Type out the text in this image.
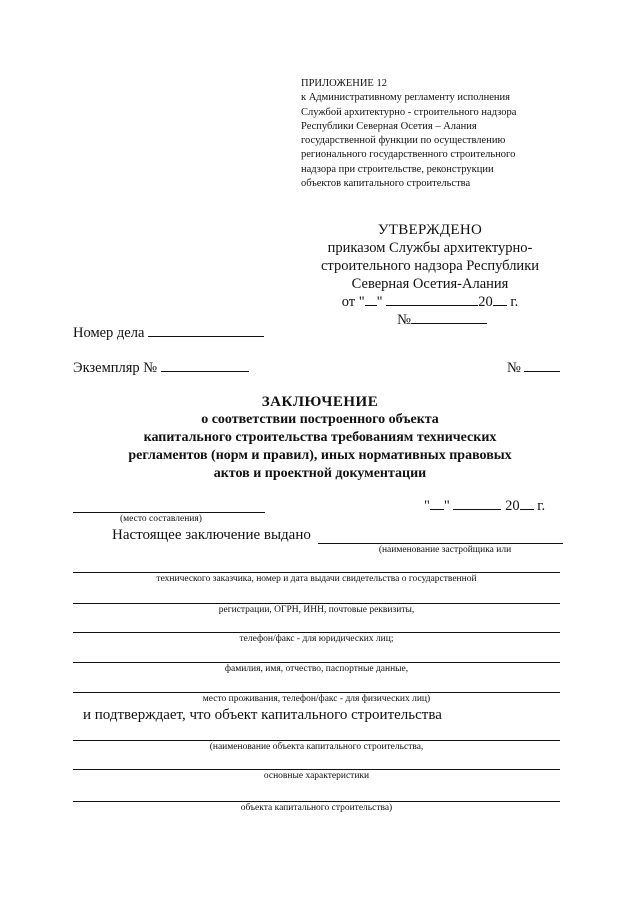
ПРИЛОЖЕНИЕ 12
к Административному регламенту исполнения
Службой архитектурно - строительного надзора
Республики Северная Осетия – Алания
государственной функции по осуществлению
регионального государственного строительного
надзора при строительстве, реконструкции
объектов капитального строительства
УТВЕРЖДЕНО
приказом Службы архитектурно-
строительного надзора Республики
Северная Осетия-Алания
от " "	20 г.
№
Номер дела
Экземпляр №	№
ЗАКЛЮЧЕНИЕ
о соответствии построенного объекта
капитального строительства требованиям технических
регламентов (норм и правил), иных нормативных правовых
актов и проектной документации
(место составления)
" "	20 г.
Настоящее заключение выдано
(наименование застройщика или
технического заказчика, номер и дата выдачи свидетельства о государственной
регистрации, ОГРН, ИНН, почтовые реквизиты,
телефон/факс - для юридических лиц;
фамилия, имя, отчество, паспортные данные,
место проживания, телефон/факс - для физических лиц)
и подтверждает, что объект капитального строительства
(наименование объекта капитального строительства,
основные характеристики
объекта капитального строительства)
